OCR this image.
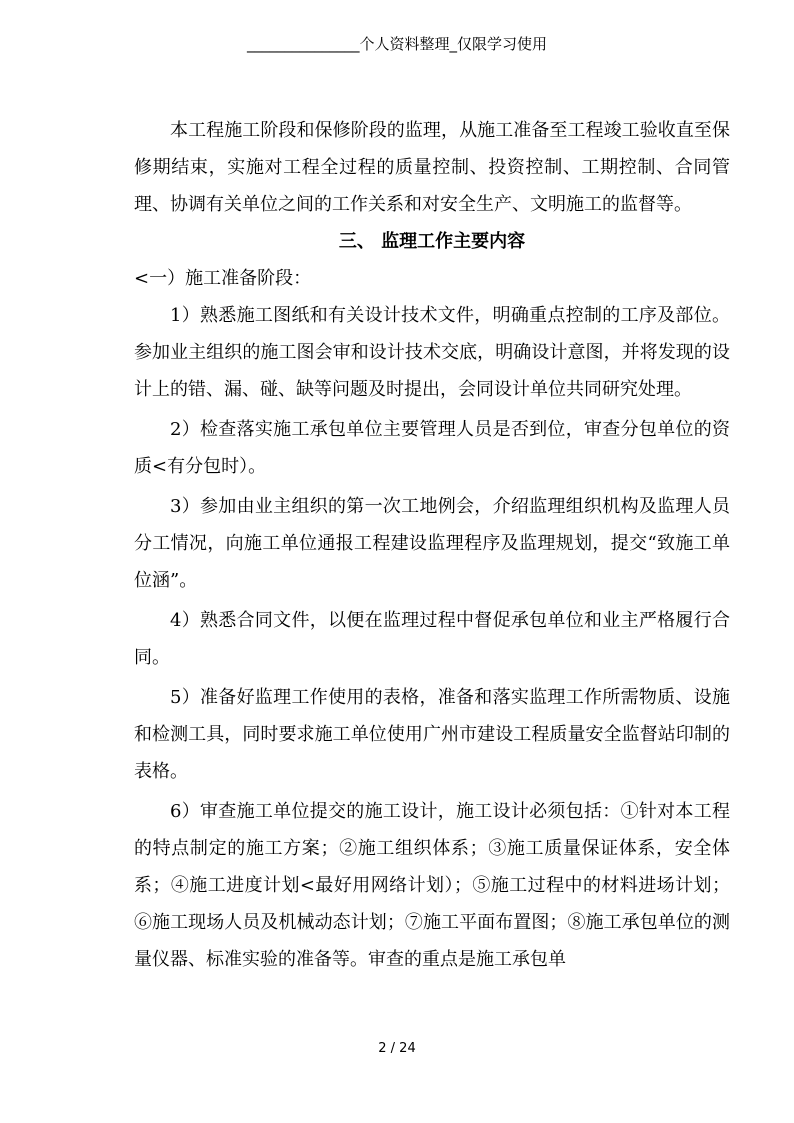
_______________个人资料整理_仅限学习使用

本工程施工阶段和保修阶段的监理，从施工准备至工程竣工验收直至保修期结束，实施对工程全过程的质量控制、投资控制、工期控制、合同管理、协调有关单位之间的工作关系和对安全生产、文明施工的监督等。

三、 监理工作主要内容

<一）施工准备阶段：

1）熟悉施工图纸和有关设计技术文件，明确重点控制的工序及部位。参加业主组织的施工图会审和设计技术交底，明确设计意图，并将发现的设计上的错、漏、碰、缺等问题及时提出，会同设计单位共同研究处理。

2）检查落实施工承包单位主要管理人员是否到位，审查分包单位的资质<有分包时）。

3）参加由业主组织的第一次工地例会，介绍监理组织机构及监理人员分工情况，向施工单位通报工程建设监理程序及监理规划，提交“致施工单位涵”。

4）熟悉合同文件，以便在监理过程中督促承包单位和业主严格履行合同。

5）准备好监理工作使用的表格，准备和落实监理工作所需物质、设施和检测工具，同时要求施工单位使用广州市建设工程质量安全监督站印制的表格。

6）审查施工单位提交的施工设计，施工设计必须包括：①针对本工程的特点制定的施工方案；②施工组织体系；③施工质量保证体系，安全体系；④施工进度计划<最好用网络计划）；⑤施工过程中的材料进场计划；⑥施工现场人员及机械动态计划；⑦施工平面布置图；⑧施工承包单位的测量仪器、标准实验的准备等。审查的重点是施工承包单

2 / 24
